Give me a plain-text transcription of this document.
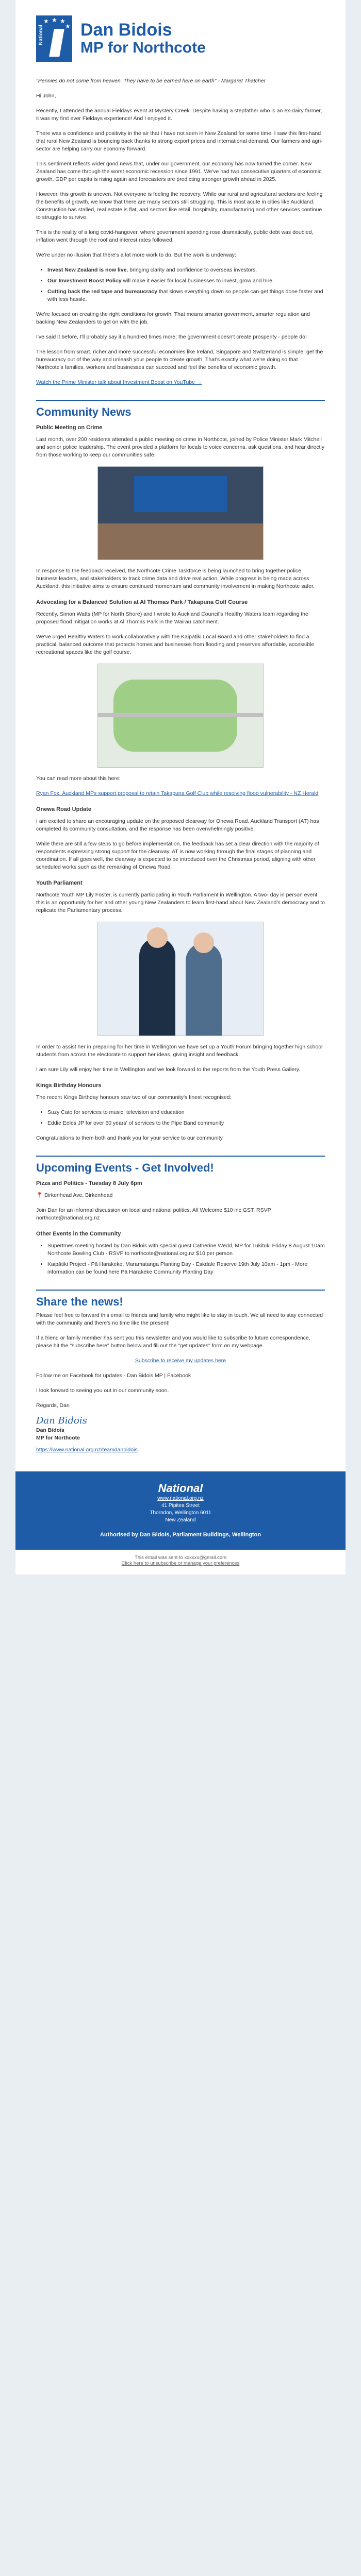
★ ★ ★
★
National Dan Bidois
MP for Northcote

"Pennies do not come from heaven. They have to be earned here on earth" - Margaret Thatcher

Hi John,

Recently, I attended the annual Fieldays event at Mystery Creek. Despite having a stepfather who is an ex-dairy farmer, it was my first ever Fieldays experience! And I enjoyed it.

There was a confidence and positivity in the air that I have not seen in New Zealand for some time. I saw this first-hand that rural New Zealand is bouncing back thanks to strong export prices and international demand. Our farmers and agri-sector are helping carry our economy forward.

This sentiment reflects wider good news that, under our government, our economy has now turned the corner. New Zealand has come through the worst economic recession since 1991. We've had two consecutive quarters of economic growth, GDP per capita is rising again and forecasters are predicting stronger growth ahead in 2025.

However, this growth is uneven. Not everyone is feeling the recovery. While our rural and agricultural sectors are feeling the benefits of growth, we know that there are many sectors still struggling. This is most acute in cities like Auckland. Construction has stalled, real estate is flat, and sectors like retail, hospitality, manufacturing and other services continue to struggle to survive.

This is the reality of a long covid-hangover, where government spending rose dramatically, public debt was doubled, inflation went through the roof and interest rates followed.

We're under no illusion that there's a lot more work to do. But the work is underway:

• Invest New Zealand is now live, bringing clarity and confidence to overseas investors.
• Our Investment Boost Policy will make it easier for local businesses to invest, grow and hire.
• Cutting back the red tape and bureaucracy that slows everything down so people can get things done faster and with less hassle.

We're focused on creating the right conditions for growth. That means smarter government, smarter regulation and backing New Zealanders to get on with the job.

I've said it before, I'll probably say it a hundred times more; the government doesn't create prosperity - people do!

The lesson from smart, richer and more successful economies like Ireland, Singapore and Switzerland is simple: get the bureaucracy out of the way and unleash your people to create growth. That's exactly what we're doing so that Northcote's families, workers and businesses can succeed and feel the benefits of economic growth.

Watch the Prime Minister talk about Investment Boost on YouTube →

Community News
Public Meeting on Crime

Last month, over 200 residents attended a public meeting on crime in Northcote, joined by Police Minister Mark Mitchell and senior police leadership. The event provided a platform for locals to voice concerns, ask questions, and hear directly from those working to keep our communities safe.

In response to the feedback received, the Northcote Crime Taskforce is being launched to bring together police, business leaders, and stakeholders to track crime data and drive real action. While progress is being made across Auckland, this initiative aims to ensure continued momentum and community involvement in making Northcote safer.

Advocating for a Balanced Solution at Al Thomas Park / Takapuna Golf Course

Recently, Simon Watts (MP for North Shore) and I wrote to Auckland Council's Healthy Waters team regarding the proposed flood mitigation works at Al Thomas Park in the Wairau catchment.

We've urged Healthy Waters to work collaboratively with the Kaipātiki Local Board and other stakeholders to find a practical, balanced outcome that protects homes and businesses from flooding and preserves affordable, accessible recreational spaces like the golf course.

You can read more about this here:

Ryan Fox, Auckland MPs support proposal to retain Takapuna Golf Club while resolving flood vulnerability - NZ Herald

Onewa Road Update

I am excited to share an encouraging update on the proposed clearway for Onewa Road. Auckland Transport (AT) has completed its community consultation, and the response has been overwhelmingly positive.

While there are still a few steps to go before implementation, the feedback has set a clear direction with the majority of respondents expressing strong support for the clearway. AT is now working through the final stages of planning and coordination. If all goes well, the clearway is expected to be introduced over the Christmas period, aligning with other scheduled works such as the remarking of Onewa Road.

Youth Parliament

Northcote Youth MP Lily Foster, is currently participating in Youth Parliament in Wellington. A two- day in person event this is an opportunity for her and other young New Zealanders to learn first-hand about New Zealand's democracy and to replicate the Parliamentary process.

In order to assist her in preparing for her time in Wellington we have set up a Youth Forum bringing together high school students from across the electorate to support her ideas, giving insight and feedback.

I am sure Lily will enjoy her time in Wellington and we look forward to the reports from the Youth Press Gallery.

Kings Birthday Honours

The recent Kings Birthday honours saw two of our community's finest recognised:

• Suzy Cato for services to music, television and education
• Eddie Eeles JP for over 60 years' of services to the Pipe Band community

Congratulations to them both and thank you for your service to our community

Upcoming Events - Get Involved!
Pizza and Politics - Tuesday 8 July 6pm

📍 Birkenhead Ave, Birkenhead

Join Dan for an informal discussion on local and national politics. All Welcome $10 inc GST. RSVP northcote@national.org.nz

Other Events in the Community
• Supertmes meeting hosted by Dan Bidois with special guest Catherine Wedd, MP for Tukituki Friday 8 August 10am Northcote Bowling Club - RSVP to northcote@national.org.nz $10 per person
• Kaipātiki Project - Pā Harakeke, Maramatanga Planting Day - Eskdale Reserve 19th July 10am - 1pm - More information can be found here Pā Harakeke Community Planting Day
Share the news!

Please feel free to forward this email to friends and family who might like to stay in touch. We all need to stay connected with the community and there's no time like the present!

If a friend or family member has sent you this newsletter and you would like to subscribe to future correspondence, please hit the "subscribe here" button below and fill out the "get updates" form on my webpage.

Subscribe to receive my updates here

Follow me on Facebook for updates - Dan Bidois MP | Facebook

I look forward to seeing you out in our community soon.

Regards, Dan

Dan Bidois

Dan Bidois

MP for Northcote

https://www.national.org.nz/teamdanbidois

National
www.national.org.nz
41 Pipitea Street
Thorndon, Wellington 6011
New Zealand
Authorised by Dan Bidois, Parliament Buildings, Wellington
This email was sent to xxxxxx@gmail.com
Click here to unsubscribe or manage your preferences
